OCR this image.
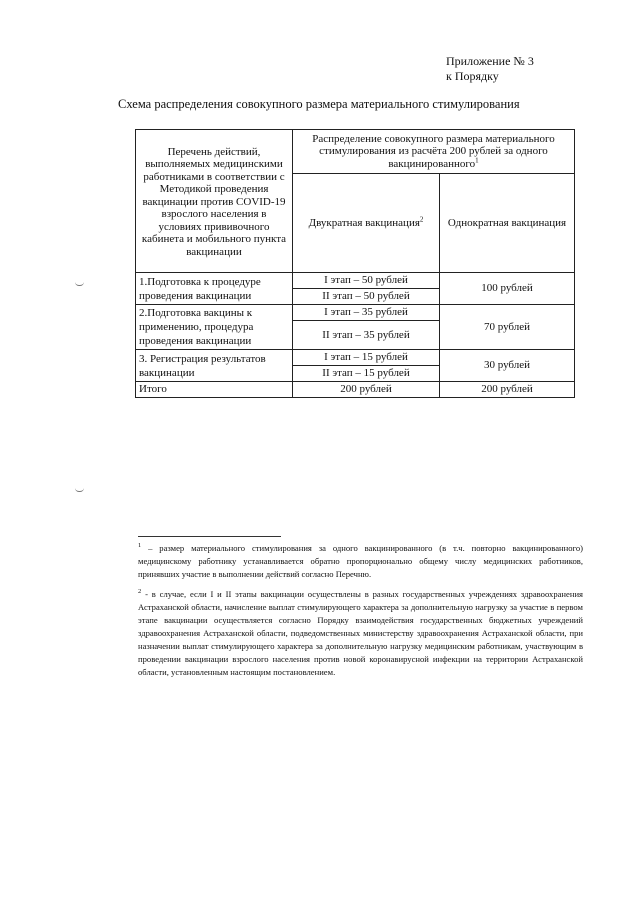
Приложение № 3
к Порядку
Схема распределения совокупного размера материального стимулирования
Перечень действий, выполняемых медицинскими работниками в соответствии с Методикой проведения вакцинации против COVID-19 взрослого населения в условиях прививочного кабинета и мобильного пункта вакцинации	Распределение совокупного размера материального стимулирования из расчёта 200 рублей за одного вакцинированного$^1$
	Двукратная вакцинация$^2$	Однократная вакцинация
1.Подготовка к процедуре проведения вакцинации	I этап – 50 рублей	100 рублей
	II этап – 50 рублей	
2.Подготовка вакцины к применению, процедура проведения вакцинации	I этап – 35 рублей	70 рублей
	II этап – 35 рублей	
3. Регистрация результатов вакцинации	I этап – 15 рублей	30 рублей
	II этап – 15 рублей	
Итого	200 рублей	200 рублей
$^1$ – размер материального стимулирования за одного вакцинированного (в т.ч. повторно вакцинированного) медицинскому работнику устанавливается обратно пропорционально общему числу медицинских работников, принявших участие в выполнении действий согласно Перечню.
$^2$ - в случае, если I и II этапы вакцинации осуществлены в разных государственных учреждениях здравоохранения Астраханской области, начисление выплат стимулирующего характера за дополнительную нагрузку за участие в первом этапе вакцинации осуществляется согласно Порядку взаимодействия государственных бюджетных учреждений здравоохранения Астраханской области, подведомственных министерству здравоохранения Астраханской области, при назначении выплат стимулирующего характера за дополнительную нагрузку медицинским работникам, участвующим в проведении вакцинации взрослого населения против новой коронавирусной инфекции на территории Астраханской области, установленным настоящим постановлением.
